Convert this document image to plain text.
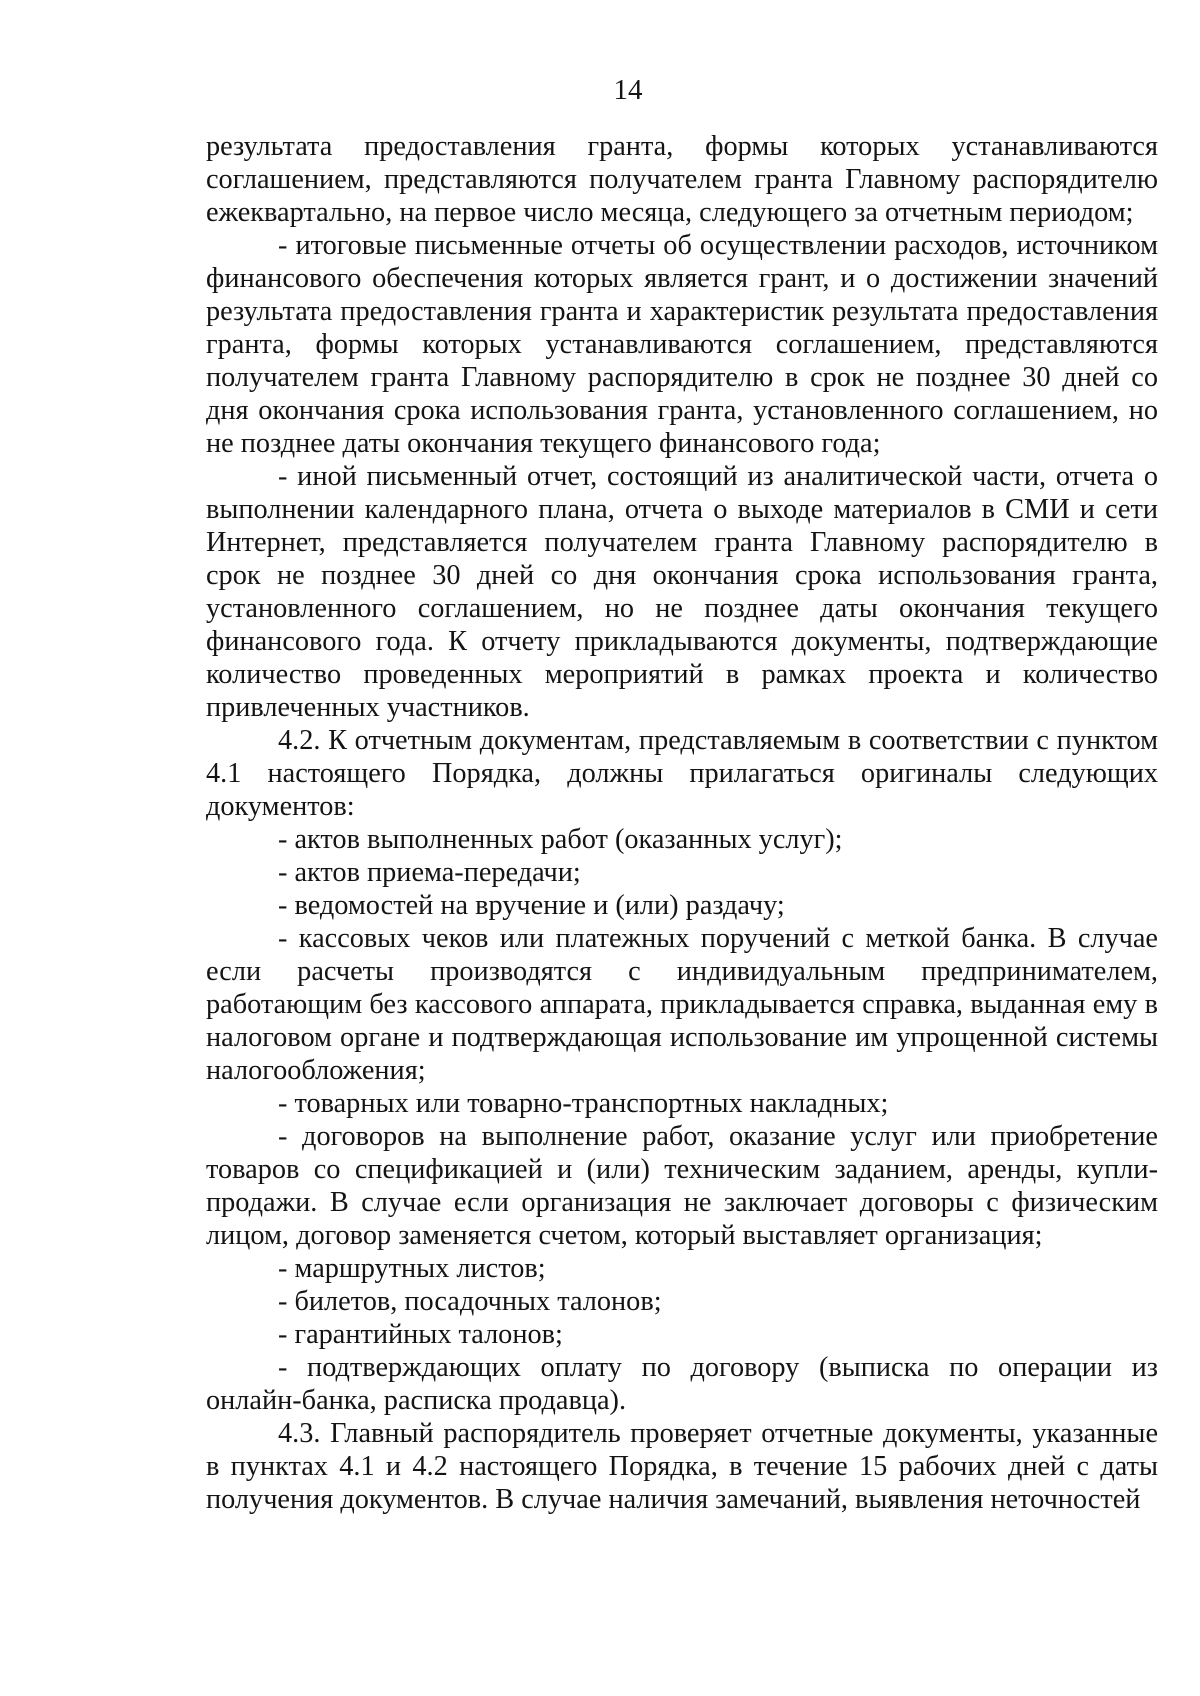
14

результата предоставления гранта, формы которых устанавливаются соглашением, представляются получателем гранта Главному распорядителю ежеквартально, на первое число месяца, следующего за отчетным периодом;

- итоговые письменные отчеты об осуществлении расходов, источником финансового обеспечения которых является грант, и о достижении значений результата предоставления гранта и характеристик результата предоставления гранта, формы которых устанавливаются соглашением, представляются получателем гранта Главному распорядителю в срок не позднее 30 дней со дня окончания срока использования гранта, установленного соглашением, но не позднее даты окончания текущего финансового года;

- иной письменный отчет, состоящий из аналитической части, отчета о выполнении календарного плана, отчета о выходе материалов в СМИ и сети Интернет, представляется получателем гранта Главному распорядителю в срок не позднее 30 дней со дня окончания срока использования гранта, установленного соглашением, но не позднее даты окончания текущего финансового года. К отчету прикладываются документы, подтверждающие количество проведенных мероприятий в рамках проекта и количество привлеченных участников.

4.2. К отчетным документам, представляемым в соответствии с пунктом 4.1 настоящего Порядка, должны прилагаться оригиналы следующих документов:

- актов выполненных работ (оказанных услуг);

- актов приема-передачи;

- ведомостей на вручение и (или) раздачу;

- кассовых чеков или платежных поручений с меткой банка. В случае если расчеты производятся с индивидуальным предпринимателем, работающим без кассового аппарата, прикладывается справка, выданная ему в налоговом органе и подтверждающая использование им упрощенной системы налогообложения;

- товарных или товарно-транспортных накладных;

- договоров на выполнение работ, оказание услуг или приобретение товаров со спецификацией и (или) техническим заданием, аренды, купли-продажи. В случае если организация не заключает договоры с физическим лицом, договор заменяется счетом, который выставляет организация;

- маршрутных листов;

- билетов, посадочных талонов;

- гарантийных талонов;

- подтверждающих оплату по договору (выписка по операции из онлайн-банка, расписка продавца).

4.3. Главный распорядитель проверяет отчетные документы, указанные в пунктах 4.1 и 4.2 настоящего Порядка, в течение 15 рабочих дней с даты получения документов. В случае наличия замечаний, выявления неточностей
